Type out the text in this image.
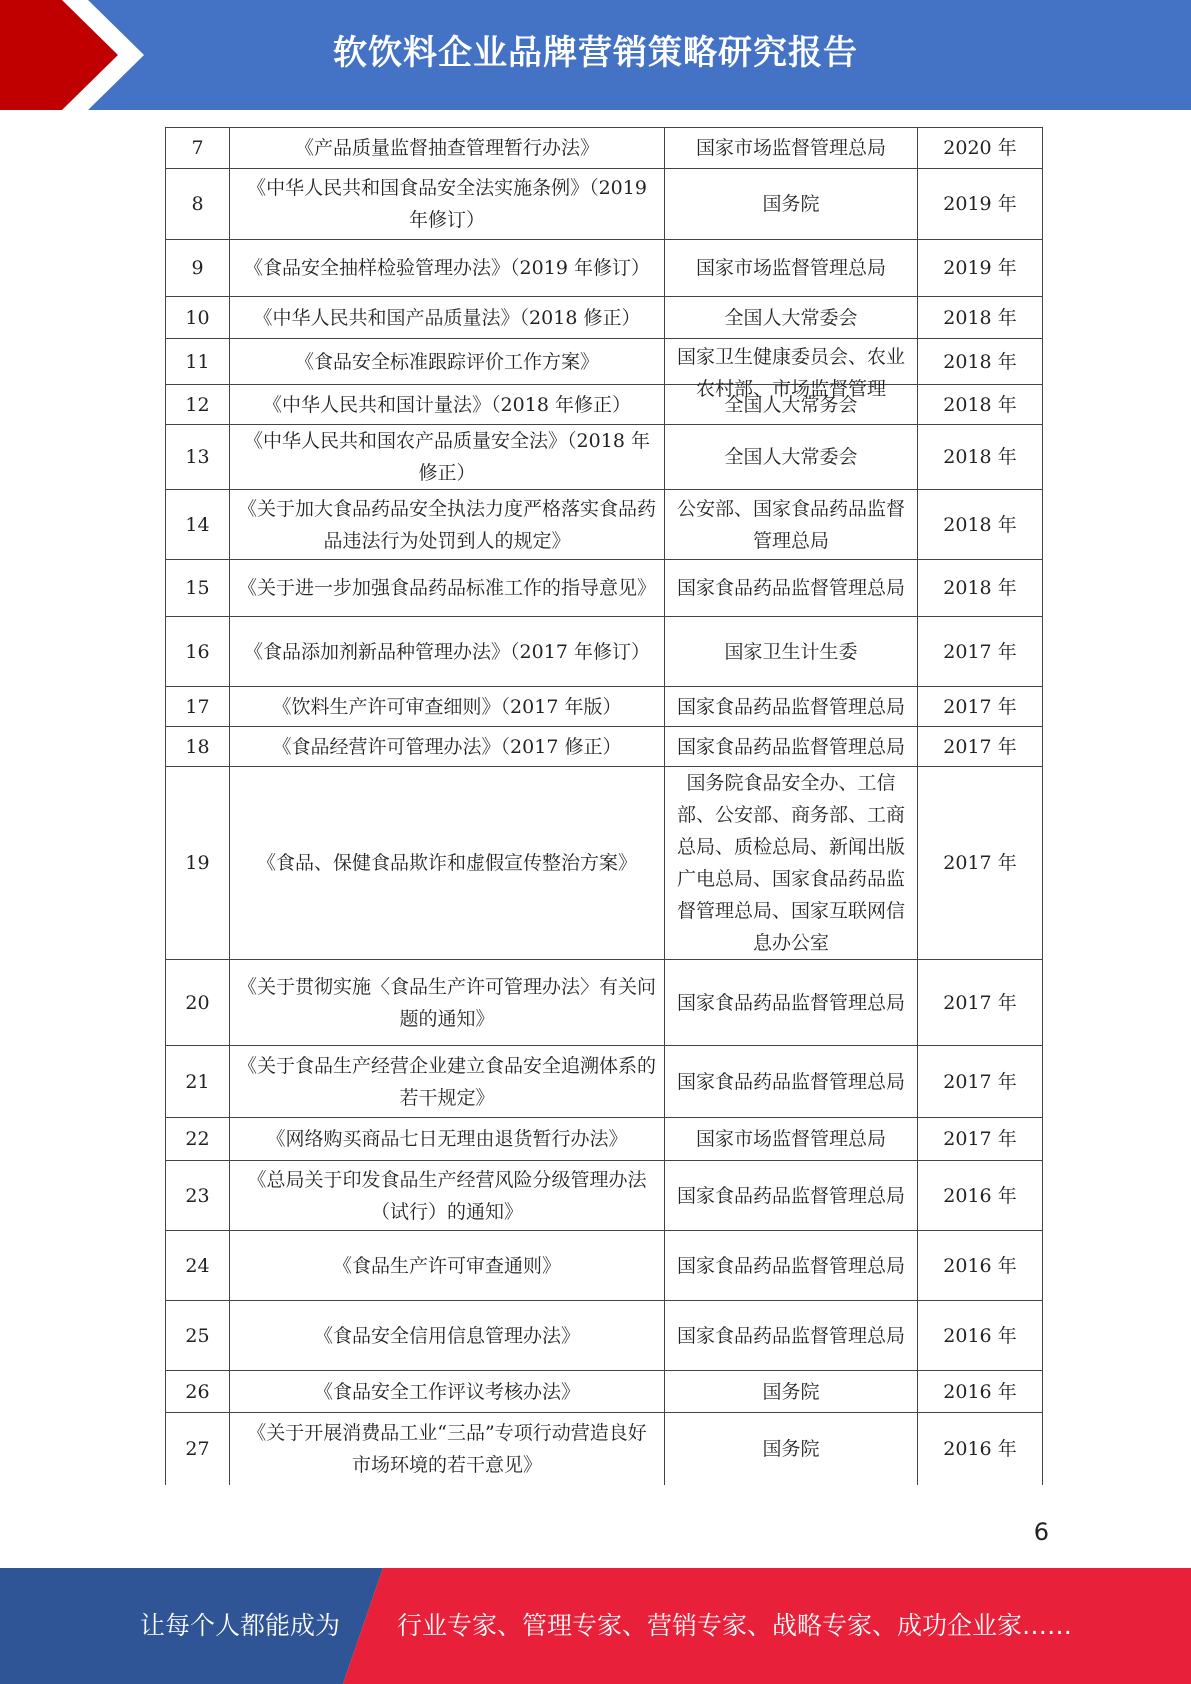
软饮料企业品牌营销策略研究报告
7	《产品质量监督抽查管理暂行办法》	国家市场监督管理总局	2020 年
8	《中华人民共和国食品安全法实施条例》（2019 年修订）	国务院	2019 年
9	《食品安全抽样检验管理办法》（2019 年修订）	国家市场监督管理总局	2019 年
10	《中华人民共和国产品质量法》（2018 修正）	全国人大常委会	2018 年
11	《食品安全标准跟踪评价工作方案》	国家卫生健康委员会、农业农村部、市场监督管理	2018 年
12	《中华人民共和国计量法》（2018 年修正）	全国人大常务会	2018 年
13	《中华人民共和国农产品质量安全法》（2018 年修正）	全国人大常委会	2018 年
14	《关于加大食品药品安全执法力度严格落实食品药品违法行为处罚到人的规定》	公安部、国家食品药品监督管理总局	2018 年
15	《关于进一步加强食品药品标准工作的指导意见》	国家食品药品监督管理总局	2018 年
16	《食品添加剂新品种管理办法》（2017 年修订）	国家卫生计生委	2017 年
17	《饮料生产许可审查细则》（2017 年版）	国家食品药品监督管理总局	2017 年
18	《食品经营许可管理办法》（2017 修正）	国家食品药品监督管理总局	2017 年
19	《食品、保健食品欺诈和虚假宣传整治方案》	国务院食品安全办、工信部、公安部、商务部、工商总局、质检总局、新闻出版广电总局、国家食品药品监督管理总局、国家互联网信息办公室	2017 年
20	《关于贯彻实施〈食品生产许可管理办法〉有关问题的通知》	国家食品药品监督管理总局	2017 年
21	《关于食品生产经营企业建立食品安全追溯体系的若干规定》	国家食品药品监督管理总局	2017 年
22	《网络购买商品七日无理由退货暂行办法》	国家市场监督管理总局	2017 年
23	《总局关于印发食品生产经营风险分级管理办法（试行）的通知》	国家食品药品监督管理总局	2016 年
24	《食品生产许可审查通则》	国家食品药品监督管理总局	2016 年
25	《食品安全信用信息管理办法》	国家食品药品监督管理总局	2016 年
26	《食品安全工作评议考核办法》	国务院	2016 年
27	《关于开展消费品工业“三品”专项行动营造良好市场环境的若干意见》	国务院	2016 年
6
让每个人都能成为 行业专家、管理专家、营销专家、战略专家、成功企业家……
